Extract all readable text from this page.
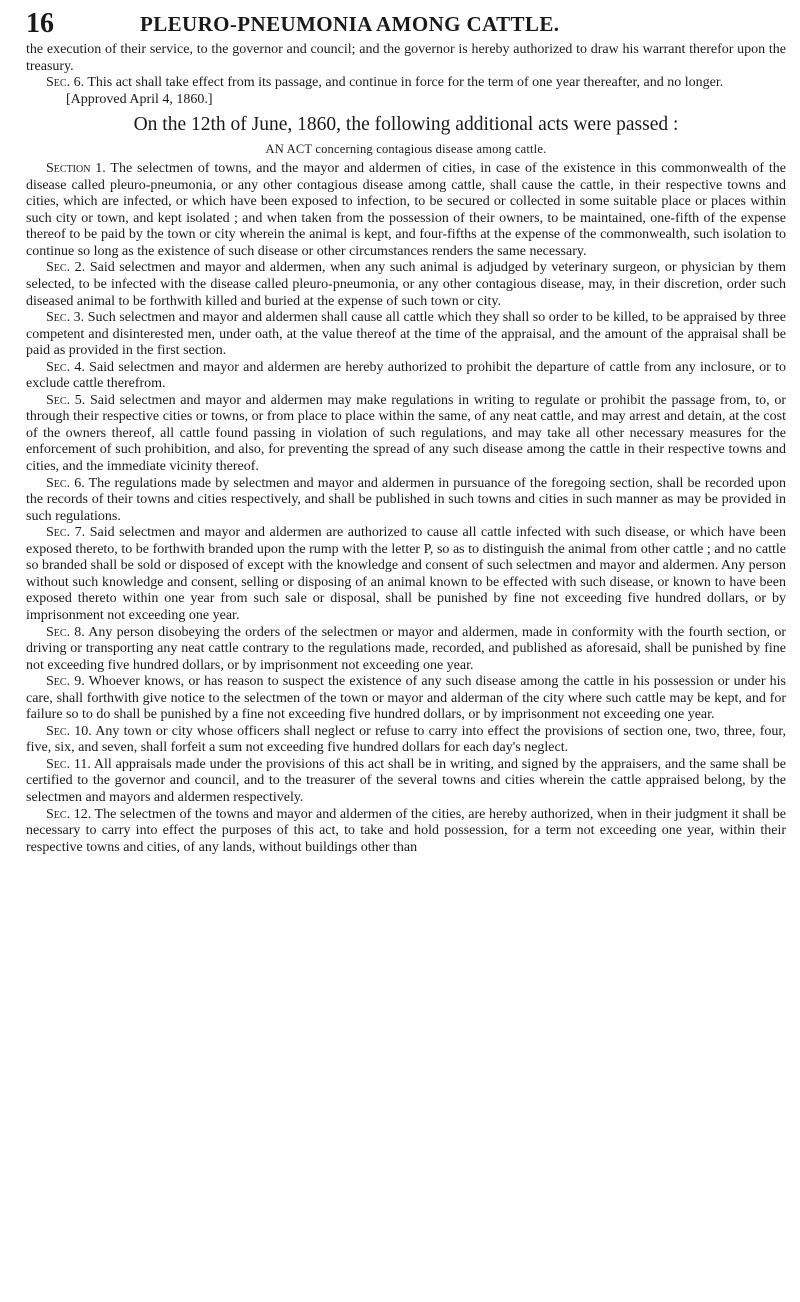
16	PLEURO-PNEUMONIA AMONG CATTLE.

the execution of their service, to the governor and council; and the governor is hereby authorized to draw his warrant therefor upon the treasury.

Sec. 6. This act shall take effect from its passage, and continue in force for the term of one year thereafter, and no longer.

[Approved April 4, 1860.]

On the 12th of June, 1860, the following additional acts were passed :
AN ACT concerning contagious disease among cattle.

Section 1. The selectmen of towns, and the mayor and aldermen of cities, in case of the existence in this commonwealth of the disease called pleuro-pneumonia, or any other contagious disease among cattle, shall cause the cattle, in their respective towns and cities, which are infected, or which have been exposed to infection, to be secured or collected in some suitable place or places within such city or town, and kept isolated ; and when taken from the possession of their owners, to be maintained, one-fifth of the expense thereof to be paid by the town or city wherein the animal is kept, and four-fifths at the expense of the commonwealth, such isolation to continue so long as the existence of such disease or other circumstances renders the same necessary.

Sec. 2. Said selectmen and mayor and aldermen, when any such animal is adjudged by veterinary surgeon, or physician by them selected, to be infected with the disease called pleuro-pneumonia, or any other contagious disease, may, in their discretion, order such diseased animal to be forthwith killed and buried at the expense of such town or city.

Sec. 3. Such selectmen and mayor and aldermen shall cause all cattle which they shall so order to be killed, to be appraised by three competent and disinterested men, under oath, at the value thereof at the time of the appraisal, and the amount of the appraisal shall be paid as provided in the first section.

Sec. 4. Said selectmen and mayor and aldermen are hereby authorized to prohibit the departure of cattle from any inclosure, or to exclude cattle therefrom.

Sec. 5. Said selectmen and mayor and aldermen may make regulations in writing to regulate or prohibit the passage from, to, or through their respective cities or towns, or from place to place within the same, of any neat cattle, and may arrest and detain, at the cost of the owners thereof, all cattle found passing in violation of such regulations, and may take all other necessary measures for the enforcement of such prohibition, and also, for preventing the spread of any such disease among the cattle in their respective towns and cities, and the immediate vicinity thereof.

Sec. 6. The regulations made by selectmen and mayor and aldermen in pursuance of the foregoing section, shall be recorded upon the records of their towns and cities respectively, and shall be published in such towns and cities in such manner as may be provided in such regulations.

Sec. 7. Said selectmen and mayor and aldermen are authorized to cause all cattle infected with such disease, or which have been exposed thereto, to be forthwith branded upon the rump with the letter P, so as to distinguish the animal from other cattle ; and no cattle so branded shall be sold or disposed of except with the knowledge and consent of such selectmen and mayor and aldermen. Any person without such knowledge and consent, selling or disposing of an animal known to be effected with such disease, or known to have been exposed thereto within one year from such sale or disposal, shall be punished by fine not exceeding five hundred dollars, or by imprisonment not exceeding one year.

Sec. 8. Any person disobeying the orders of the selectmen or mayor and aldermen, made in conformity with the fourth section, or driving or transporting any neat cattle contrary to the regulations made, recorded, and published as aforesaid, shall be punished by fine not exceeding five hundred dollars, or by imprisonment not exceeding one year.

Sec. 9. Whoever knows, or has reason to suspect the existence of any such disease among the cattle in his possession or under his care, shall forthwith give notice to the selectmen of the town or mayor and alderman of the city where such cattle may be kept, and for failure so to do shall be punished by a fine not exceeding five hundred dollars, or by imprisonment not exceeding one year.

Sec. 10. Any town or city whose officers shall neglect or refuse to carry into effect the provisions of section one, two, three, four, five, six, and seven, shall forfeit a sum not exceeding five hundred dollars for each day's neglect.

Sec. 11. All appraisals made under the provisions of this act shall be in writing, and signed by the appraisers, and the same shall be certified to the governor and council, and to the treasurer of the several towns and cities wherein the cattle appraised belong, by the selectmen and mayors and aldermen respectively.

Sec. 12. The selectmen of the towns and mayor and aldermen of the cities, are hereby authorized, when in their judgment it shall be necessary to carry into effect the purposes of this act, to take and hold possession, for a term not exceeding one year, within their respective towns and cities, of any lands, without buildings other than
